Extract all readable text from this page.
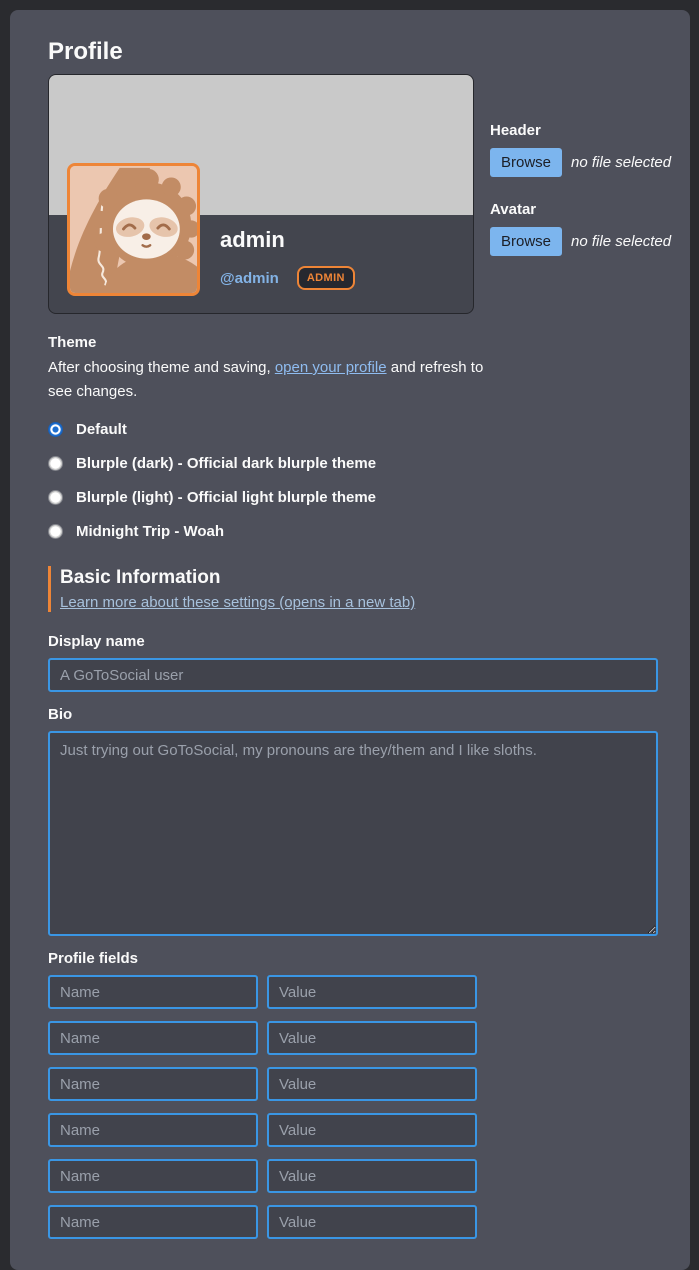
Profile
admin
@admin	ADMIN
Header
Browse	no file selected
Avatar
Browse	no file selected
Theme

After choosing theme and saving, open your profile and refresh to see changes.

Default
Blurple (dark) - Official dark blurple theme
Blurple (light) - Official light blurple theme
Midnight Trip - Woah
Basic Information
Learn more about these settings (opens in a new tab)
Display name
A GoToSocial user
Bio
Just trying out GoToSocial, my pronouns are they/them and I like sloths.
Profile fields
Name
Value
Name
Value
Name
Value
Name
Value
Name
Value
Name
Value
